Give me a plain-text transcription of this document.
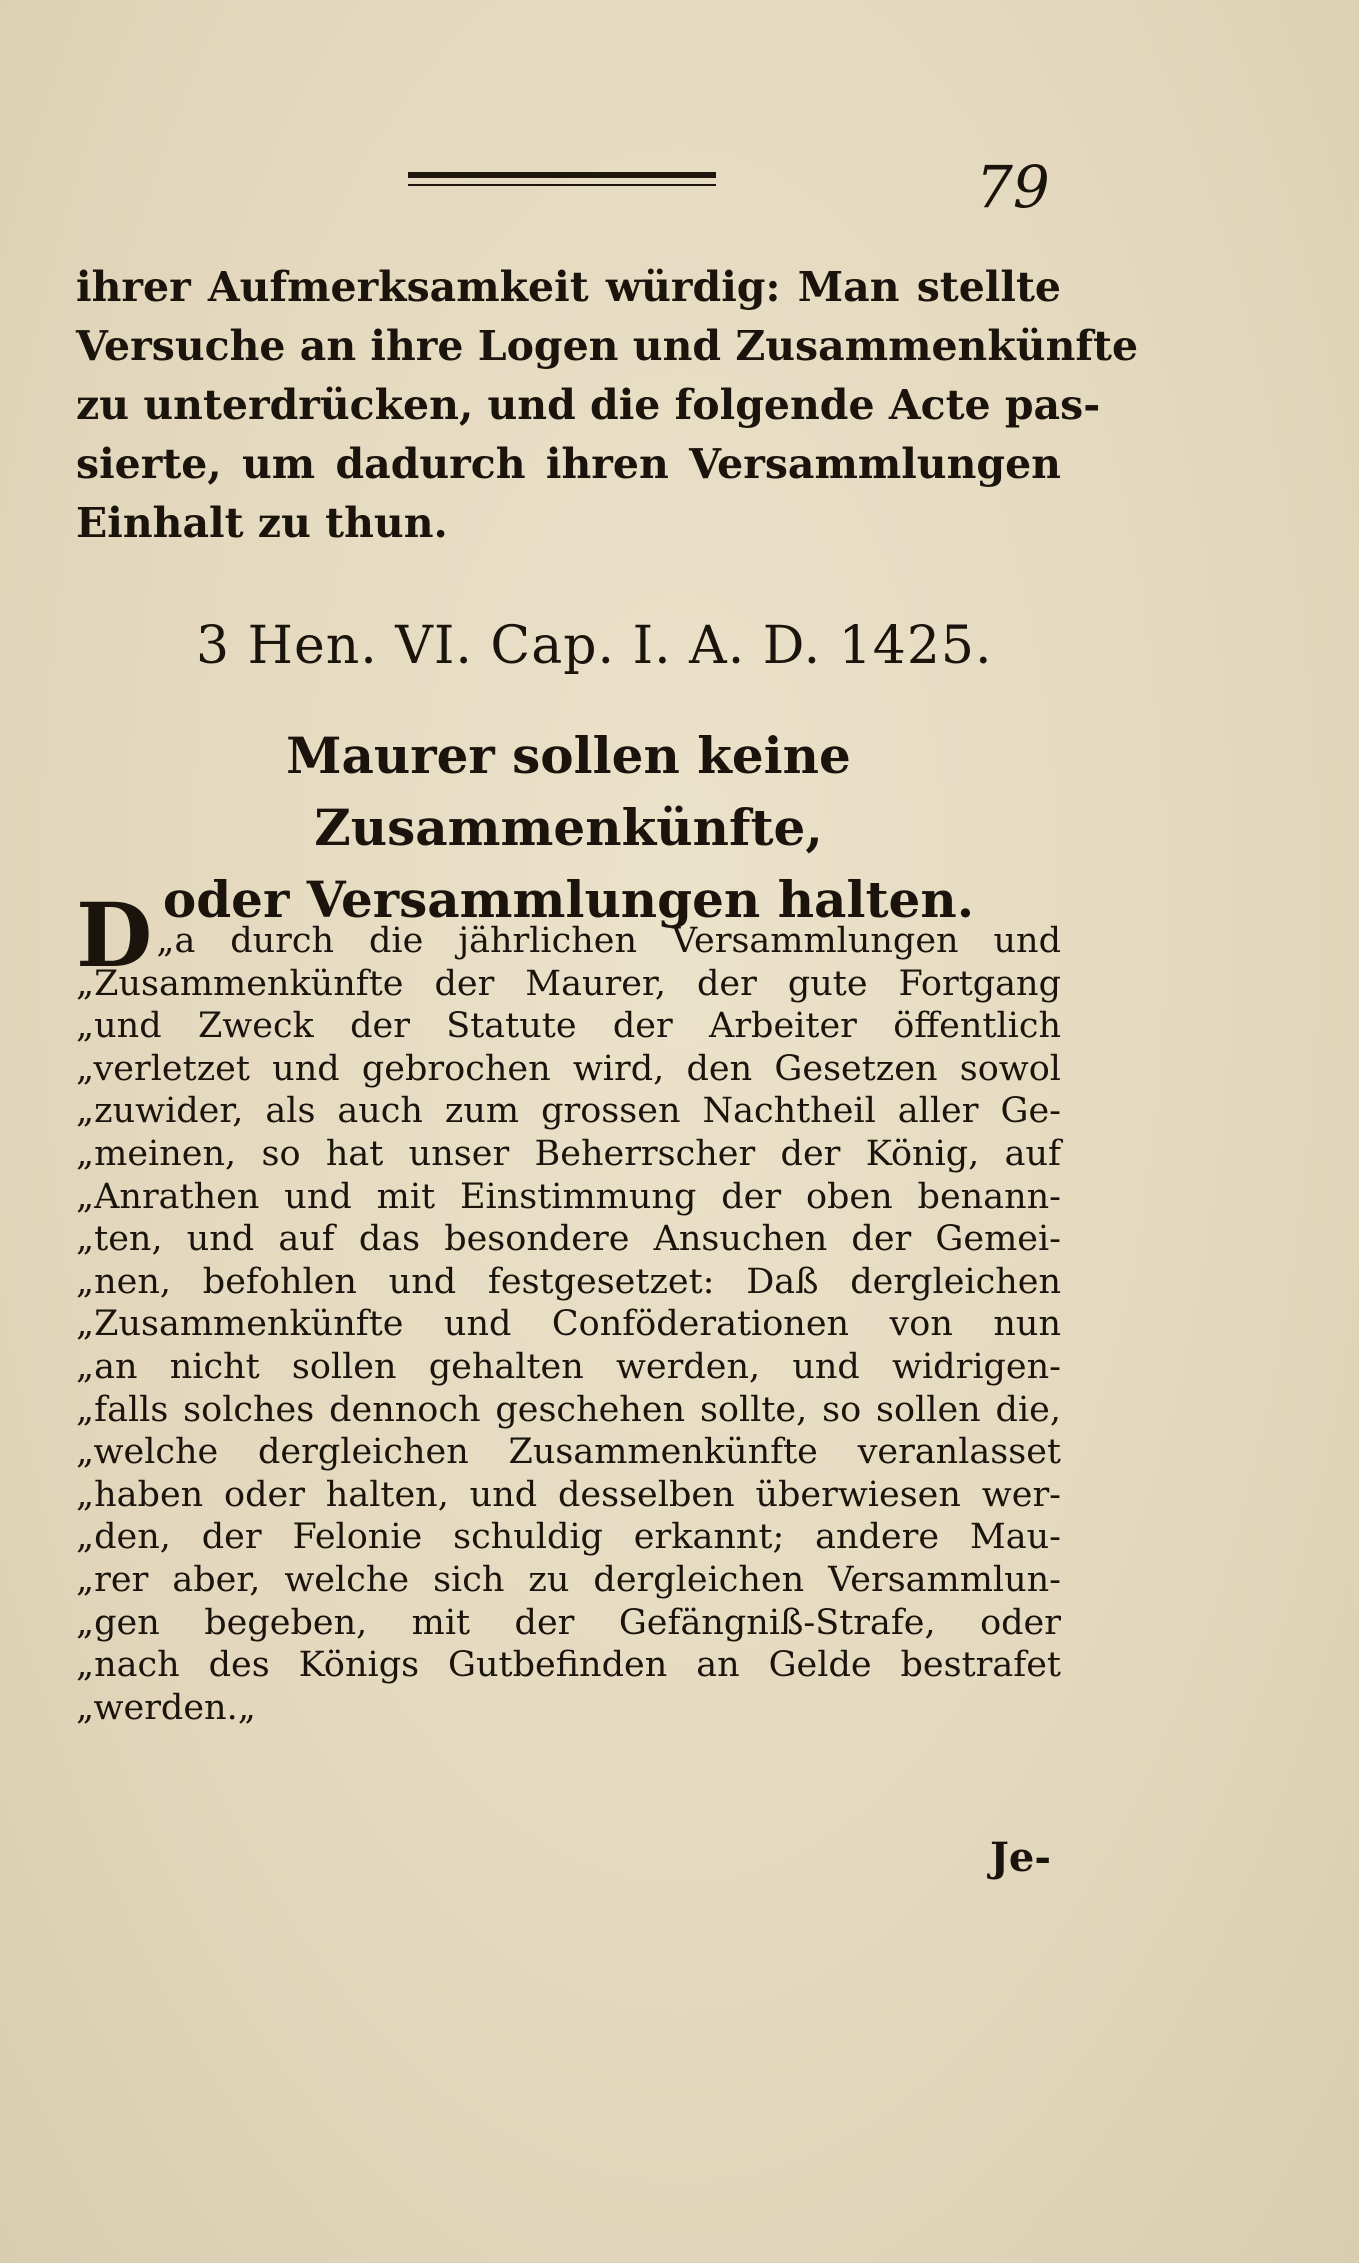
79
ihrer Aufmerksamkeit würdig: Man stellte
Versuche an ihre Logen und Zusammenkünfte
zu unterdrücken, und die folgende Acte pas-
sierte, um dadurch ihren Versammlungen
Einhalt zu thun.
3 Hen. VI. Cap. I. A. D. 1425.
Maurer sollen keine Zusammenkünfte,
oder Versammlungen halten.
D „a durch die jährlichen Versammlungen und
„Zusammenkünfte der Maurer, der gute Fortgang
„und Zweck der Statute der Arbeiter öffentlich
„verletzet und gebrochen wird, den Gesetzen sowol
„zuwider, als auch zum grossen Nachtheil aller Ge-
„meinen, so hat unser Beherrscher der König, auf
„Anrathen und mit Einstimmung der oben benann-
„ten, und auf das besondere Ansuchen der Gemei-
„nen, befohlen und festgesetzet: Daß dergleichen
„Zusammenkünfte und Conföderationen von nun
„an nicht sollen gehalten werden, und widrigen-
„falls solches dennoch geschehen sollte, so sollen die,
„welche dergleichen Zusammenkünfte veranlasset
„haben oder halten, und desselben überwiesen wer-
„den, der Felonie schuldig erkannt; andere Mau-
„rer aber, welche sich zu dergleichen Versammlun-
„gen begeben, mit der Gefängniß-Strafe, oder
„nach des Königs Gutbefinden an Gelde bestrafet
„werden.„
Je-
